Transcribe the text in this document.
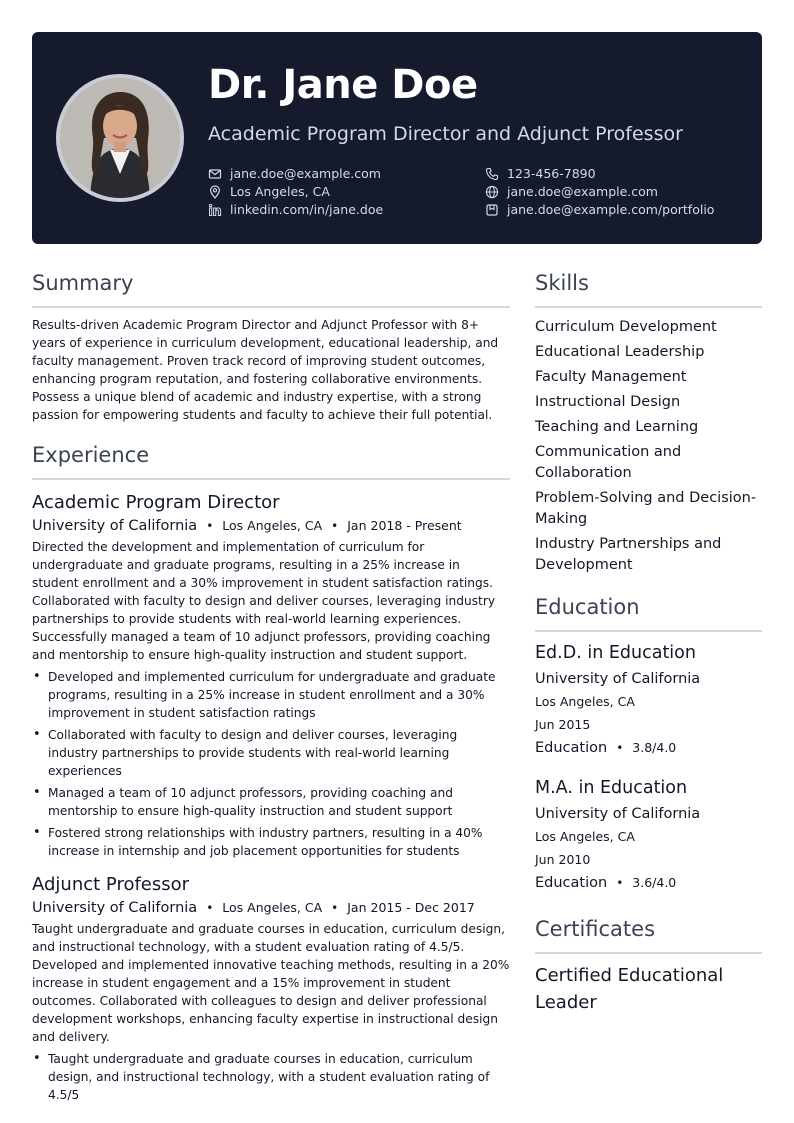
Dr. Jane Doe
Academic Program Director and Adjunct Professor
jane.doe@example.com	123-456-7890
Los Angeles, CA	jane.doe@example.com
linkedin.com/in/jane.doe	jane.doe@example.com/portfolio
Summary

Results-driven Academic Program Director and Adjunct Professor with 8+ years of experience in curriculum development, educational leadership, and faculty management. Proven track record of improving student outcomes, enhancing program reputation, and fostering collaborative environments. Possess a unique blend of academic and industry expertise, with a strong passion for empowering students and faculty to achieve their full potential.

Experience
Academic Program Director
University of California • Los Angeles, CA • Jan 2018 - Present

Directed the development and implementation of curriculum for undergraduate and graduate programs, resulting in a 25% increase in student enrollment and a 30% improvement in student satisfaction ratings. Collaborated with faculty to design and deliver courses, leveraging industry partnerships to provide students with real-world learning experiences. Successfully managed a team of 10 adjunct professors, providing coaching and mentorship to ensure high-quality instruction and student support.

• Developed and implemented curriculum for undergraduate and graduate programs, resulting in a 25% increase in student enrollment and a 30% improvement in student satisfaction ratings
• Collaborated with faculty to design and deliver courses, leveraging industry partnerships to provide students with real-world learning experiences
• Managed a team of 10 adjunct professors, providing coaching and mentorship to ensure high-quality instruction and student support
• Fostered strong relationships with industry partners, resulting in a 40% increase in internship and job placement opportunities for students
Adjunct Professor
University of California • Los Angeles, CA • Jan 2015 - Dec 2017

Taught undergraduate and graduate courses in education, curriculum design, and instructional technology, with a student evaluation rating of 4.5/5. Developed and implemented innovative teaching methods, resulting in a 20% increase in student engagement and a 15% improvement in student outcomes. Collaborated with colleagues to design and deliver professional development workshops, enhancing faculty expertise in instructional design and delivery.

• Taught undergraduate and graduate courses in education, curriculum design, and instructional technology, with a student evaluation rating of 4.5/5
Skills
Curriculum Development
Educational Leadership
Faculty Management
Instructional Design
Teaching and Learning
Communication and Collaboration
Problem-Solving and Decision-Making
Industry Partnerships and Development
Education
Ed.D. in Education
University of California
Los Angeles, CA
Jun 2015
Education • 3.8/4.0
M.A. in Education
University of California
Los Angeles, CA
Jun 2010
Education • 3.6/4.0
Certificates
Certified Educational Leader
